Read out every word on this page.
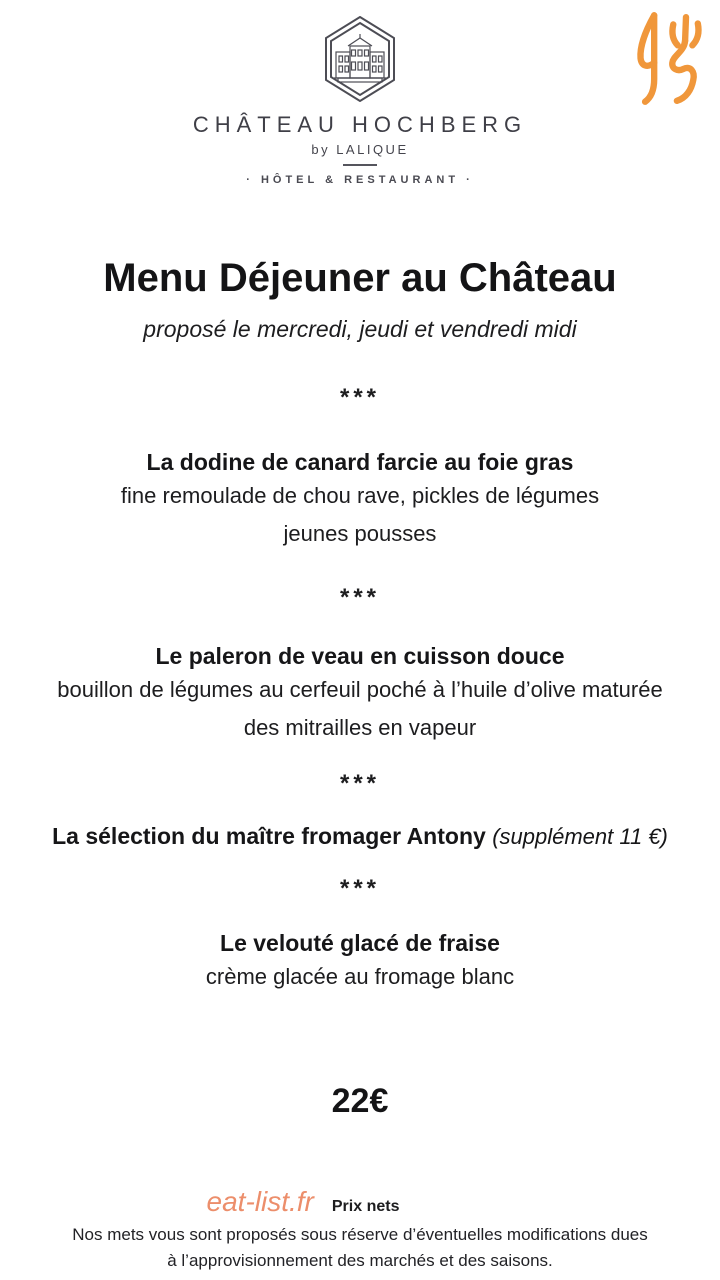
CHÂTEAU HOCHBERG
by LALIQUE
· HÔTEL & RESTAURANT ·
Menu Déjeuner au Château
proposé le mercredi, jeudi et vendredi midi
***
La dodine de canard farcie au foie gras
fine remoulade de chou rave, pickles de légumes
jeunes pousses
***
Le paleron de veau en cuisson douce
bouillon de légumes au cerfeuil poché à l’huile d’olive maturée
des mitrailles en vapeur
***
La sélection du maître fromager Antony (supplément 11 €)
***
Le velouté glacé de fraise
crème glacée au fromage blanc
22€
eat-list.fr Prix nets
Nos mets vous sont proposés sous réserve d’éventuelles modifications dues
à l’approvisionnement des marchés et des saisons.
